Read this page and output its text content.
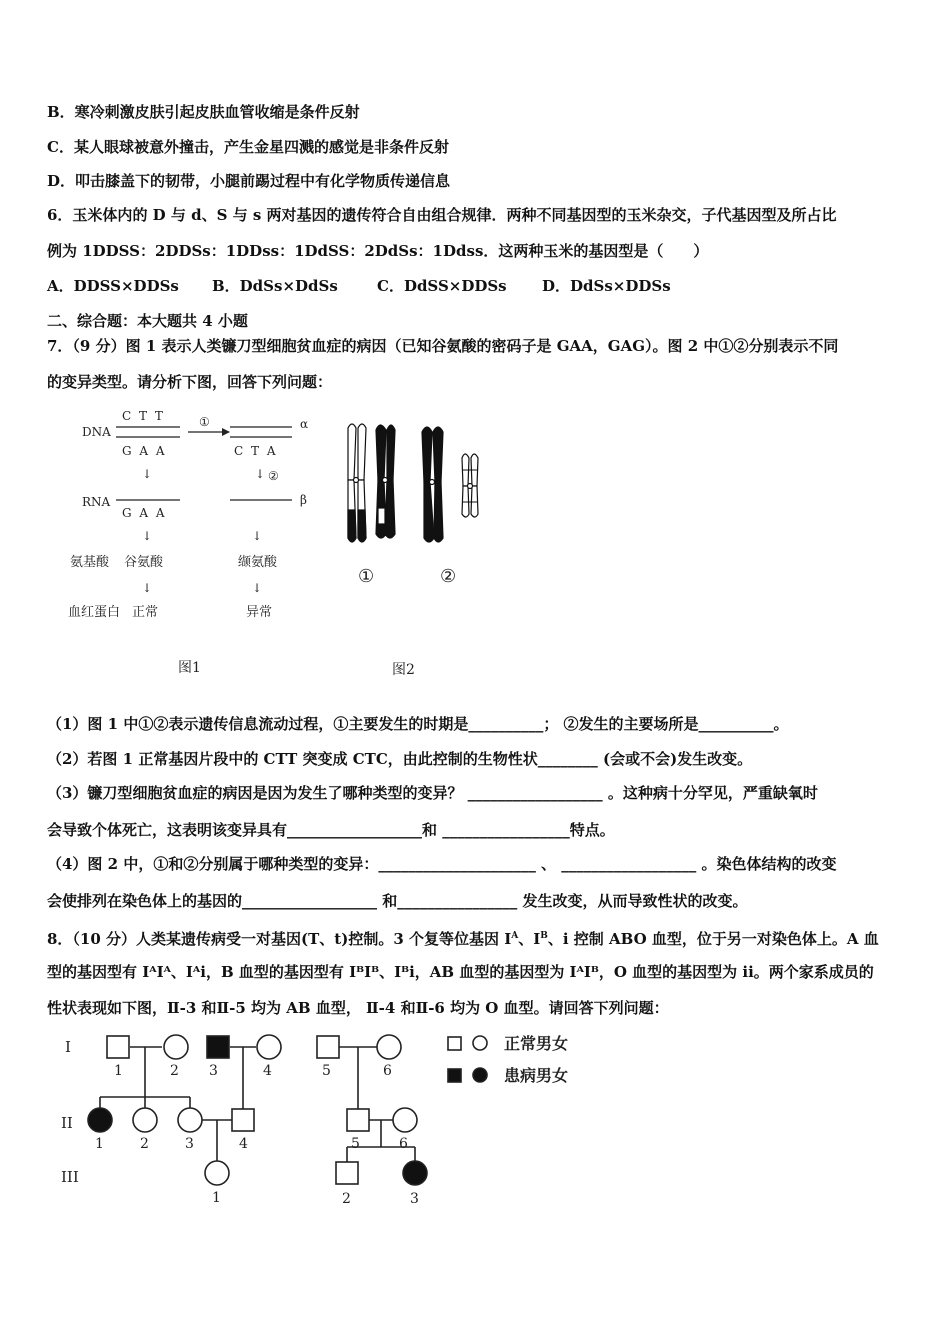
B．寒冷刺激皮肤引起皮肤血管收缩是条件反射
C．某人眼球被意外撞击，产生金星四溅的感觉是非条件反射
D．叩击膝盖下的韧带，小腿前踢过程中有化学物质传递信息
6．玉米体内的 D 与 d、S 与 s 两对基因的遗传符合自由组合规律．两种不同基因型的玉米杂交，子代基因型及所占比
例为 1DDSS：2DDSs：1DDss：1DdSS：2DdSs：1Ddss．这两种玉米的基因型是（　　）
A．DDSS×DDSs B．DdSs×DdSs	C．DdSS×DDSs D．DdSs×DDSs
二、综合题：本大题共 4 小题
7．（9 分）图 1 表示人类镰刀型细胞贫血症的病因（已知谷氨酸的密码子是 GAA，GAG）。图 2 中①②分别表示不同
的变异类型。请分析下图，回答下列问题：
DNA
RNA
氨基酸
血红蛋白
C T T
G A A
↓
G A A
↓
谷氨酸
↓
正常
①	α
C T A
↓ ②
β
↓
缬氨酸
↓
异常
图1
①	②
图2
（1）图 1 中①②表示遗传信息流动过程，①主要发生的时期是__________； ②发生的主要场所是__________。
（2）若图 1 正常基因片段中的 CTT 突变成 CTC，由此控制的生物性状________ (会或不会)发生改变。
（3）镰刀型细胞贫血症的病因是因为发生了哪种类型的变异？ __________________ 。这种病十分罕见，严重缺氧时
会导致个体死亡，这表明该变异具有__________________和 _________________特点。
（4）图 2 中，①和②分别属于哪种类型的变异：_____________________ 、 __________________ 。染色体结构的改变
会使排列在染色体上的基因的__________________ 和________________ 发生改变，从而导致性状的改变。
8．（10 分）人类某遗传病受一对基因(T、t)控制。3 个复等位基因 $I^A$、$I^B$、i 控制 ABO 血型，位于另一对染色体上。A 血
型的基因型有 IᴬIᴬ、Iᴬi，B 血型的基因型有 IᴮIᴮ、Iᴮi，AB 血型的基因型为 IᴬIᴮ，O 血型的基因型为 ii。两个家系成员的
性状表现如下图，Ⅱ-3 和Ⅱ-5 均为 AB 血型， Ⅱ-4 和Ⅱ-6 均为 O 血型。请回答下列问题：
I
II
III
1	2 3	4	5	6
1	2	3	4	5	6
1	2	3
正常男女
患病男女
